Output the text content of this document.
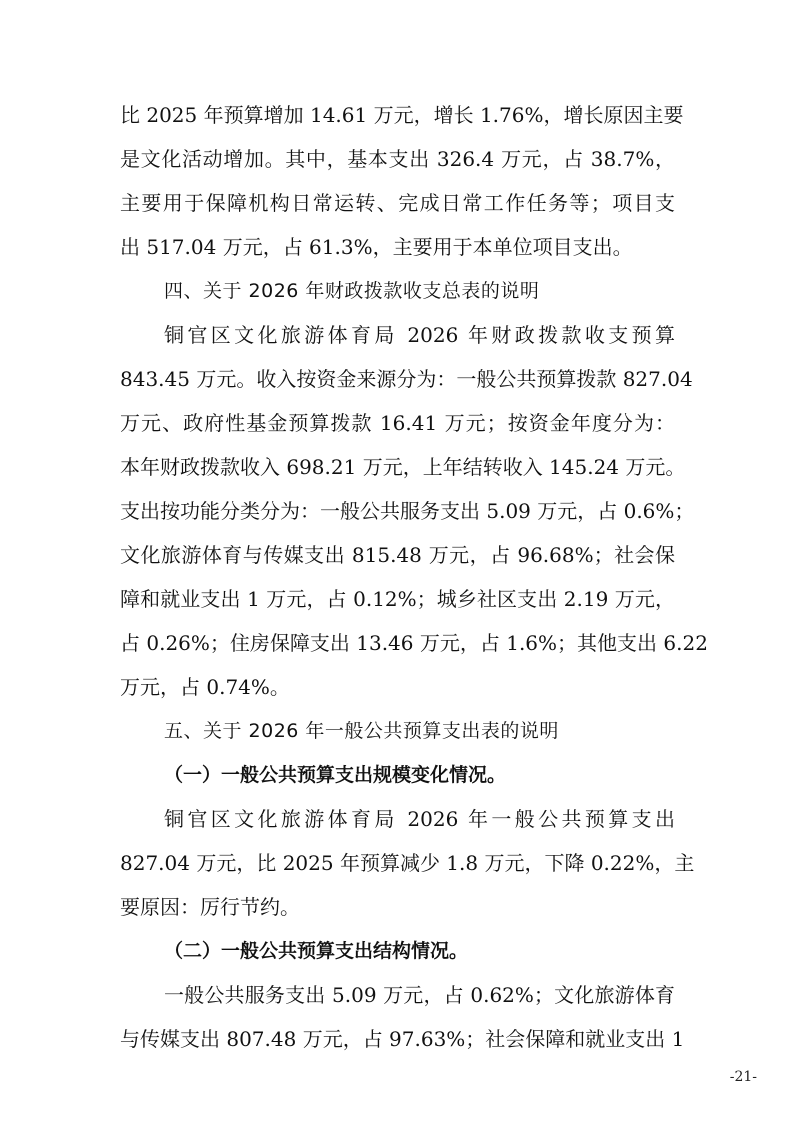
比 2025 年预算增加 14.61 万元，增长 1.76%，增长原因主要
是文化活动增加。其中，基本支出 326.4 万元，占 38.7%，
主要用于保障机构日常运转、完成日常工作任务等；项目支
出 517.04 万元，占 61.3%，主要用于本单位项目支出。
四、关于 2026 年财政拨款收支总表的说明
铜官区文化旅游体育局 2026 年财政拨款收支预算
843.45 万元。收入按资金来源分为：一般公共预算拨款 827.04
万元、政府性基金预算拨款 16.41 万元；按资金年度分为：
本年财政拨款收入 698.21 万元，上年结转收入 145.24 万元。
支出按功能分类分为：一般公共服务支出 5.09 万元，占 0.6%；
文化旅游体育与传媒支出 815.48 万元，占 96.68%；社会保
障和就业支出 1 万元，占 0.12%；城乡社区支出 2.19 万元，
占 0.26%；住房保障支出 13.46 万元，占 1.6%；其他支出 6.22
万元，占 0.74%。
五、关于 2026 年一般公共预算支出表的说明
（一）一般公共预算支出规模变化情况。
铜官区文化旅游体育局 2026 年一般公共预算支出
827.04 万元，比 2025 年预算减少 1.8 万元，下降 0.22%，主
要原因：厉行节约。
（二）一般公共预算支出结构情况。
一般公共服务支出 5.09 万元，占 0.62%；文化旅游体育
与传媒支出 807.48 万元，占 97.63%；社会保障和就业支出 1
-21-
